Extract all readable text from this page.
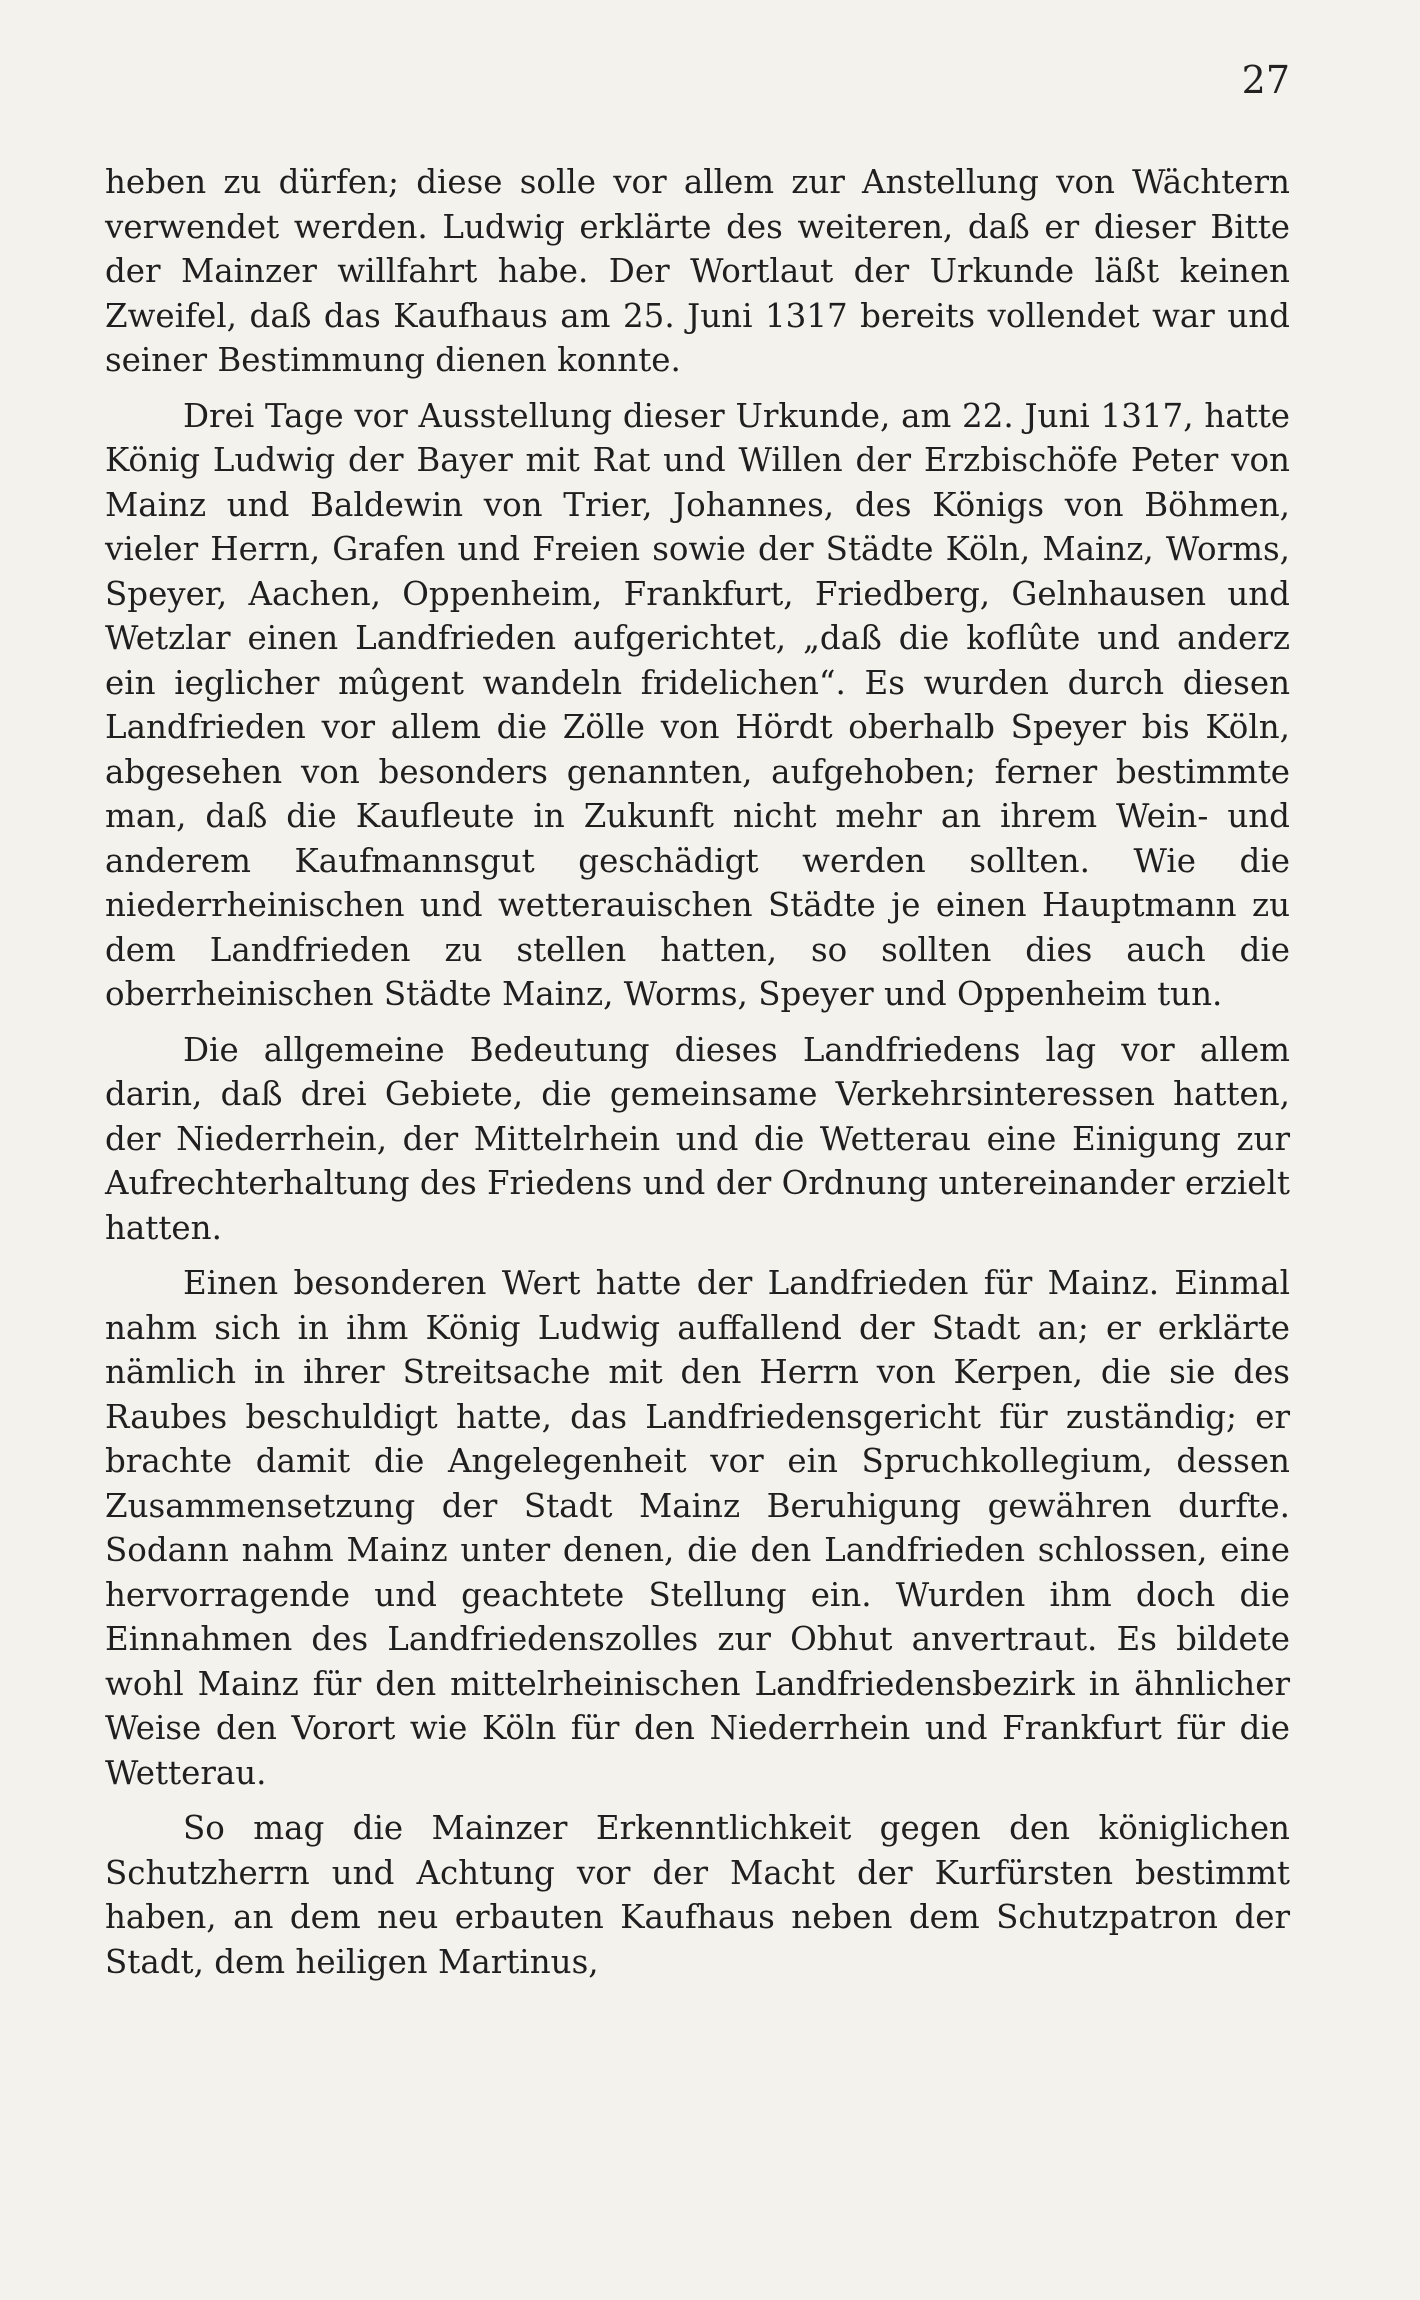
27

heben zu dürfen; diese solle vor allem zur Anstellung von Wächtern verwendet werden. Ludwig erklärte des weiteren, daß er dieser Bitte der Mainzer willfahrt habe. Der Wortlaut der Urkunde läßt keinen Zweifel, daß das Kaufhaus am 25. Juni 1317 bereits vollendet war und seiner Bestimmung dienen konnte.

Drei Tage vor Ausstellung dieser Urkunde, am 22. Juni 1317, hatte König Ludwig der Bayer mit Rat und Willen der Erzbischöfe Peter von Mainz und Baldewin von Trier, Johannes, des Königs von Böhmen, vieler Herrn, Grafen und Freien sowie der Städte Köln, Mainz, Worms, Speyer, Aachen, Oppenheim, Frankfurt, Friedberg, Gelnhausen und Wetzlar einen Landfrieden aufgerichtet, „daß die koflûte und anderz ein ieglicher mûgent wandeln fridelichen“. Es wurden durch diesen Landfrieden vor allem die Zölle von Hördt oberhalb Speyer bis Köln, abgesehen von besonders genannten, aufgehoben; ferner bestimmte man, daß die Kaufleute in Zukunft nicht mehr an ihrem Wein- und anderem Kaufmannsgut geschädigt werden sollten. Wie die niederrheinischen und wetterauischen Städte je einen Hauptmann zu dem Landfrieden zu stellen hatten, so sollten dies auch die oberrheinischen Städte Mainz, Worms, Speyer und Oppenheim tun.

Die allgemeine Bedeutung dieses Landfriedens lag vor allem darin, daß drei Gebiete, die gemeinsame Verkehrsinteressen hatten, der Niederrhein, der Mittelrhein und die Wetterau eine Einigung zur Aufrechterhaltung des Friedens und der Ordnung untereinander erzielt hatten.

Einen besonderen Wert hatte der Landfrieden für Mainz. Einmal nahm sich in ihm König Ludwig auffallend der Stadt an; er erklärte nämlich in ihrer Streitsache mit den Herrn von Kerpen, die sie des Raubes beschuldigt hatte, das Landfriedensgericht für zuständig; er brachte damit die Angelegenheit vor ein Spruchkollegium, dessen Zusammensetzung der Stadt Mainz Beruhigung gewähren durfte. Sodann nahm Mainz unter denen, die den Landfrieden schlossen, eine hervorragende und geachtete Stellung ein. Wurden ihm doch die Einnahmen des Landfriedenszolles zur Obhut anvertraut. Es bildete wohl Mainz für den mittelrheinischen Landfriedensbezirk in ähnlicher Weise den Vorort wie Köln für den Niederrhein und Frankfurt für die Wetterau.

So mag die Mainzer Erkenntlichkeit gegen den königlichen Schutzherrn und Achtung vor der Macht der Kurfürsten bestimmt haben, an dem neu erbauten Kaufhaus neben dem Schutzpatron der Stadt, dem heiligen Martinus,
